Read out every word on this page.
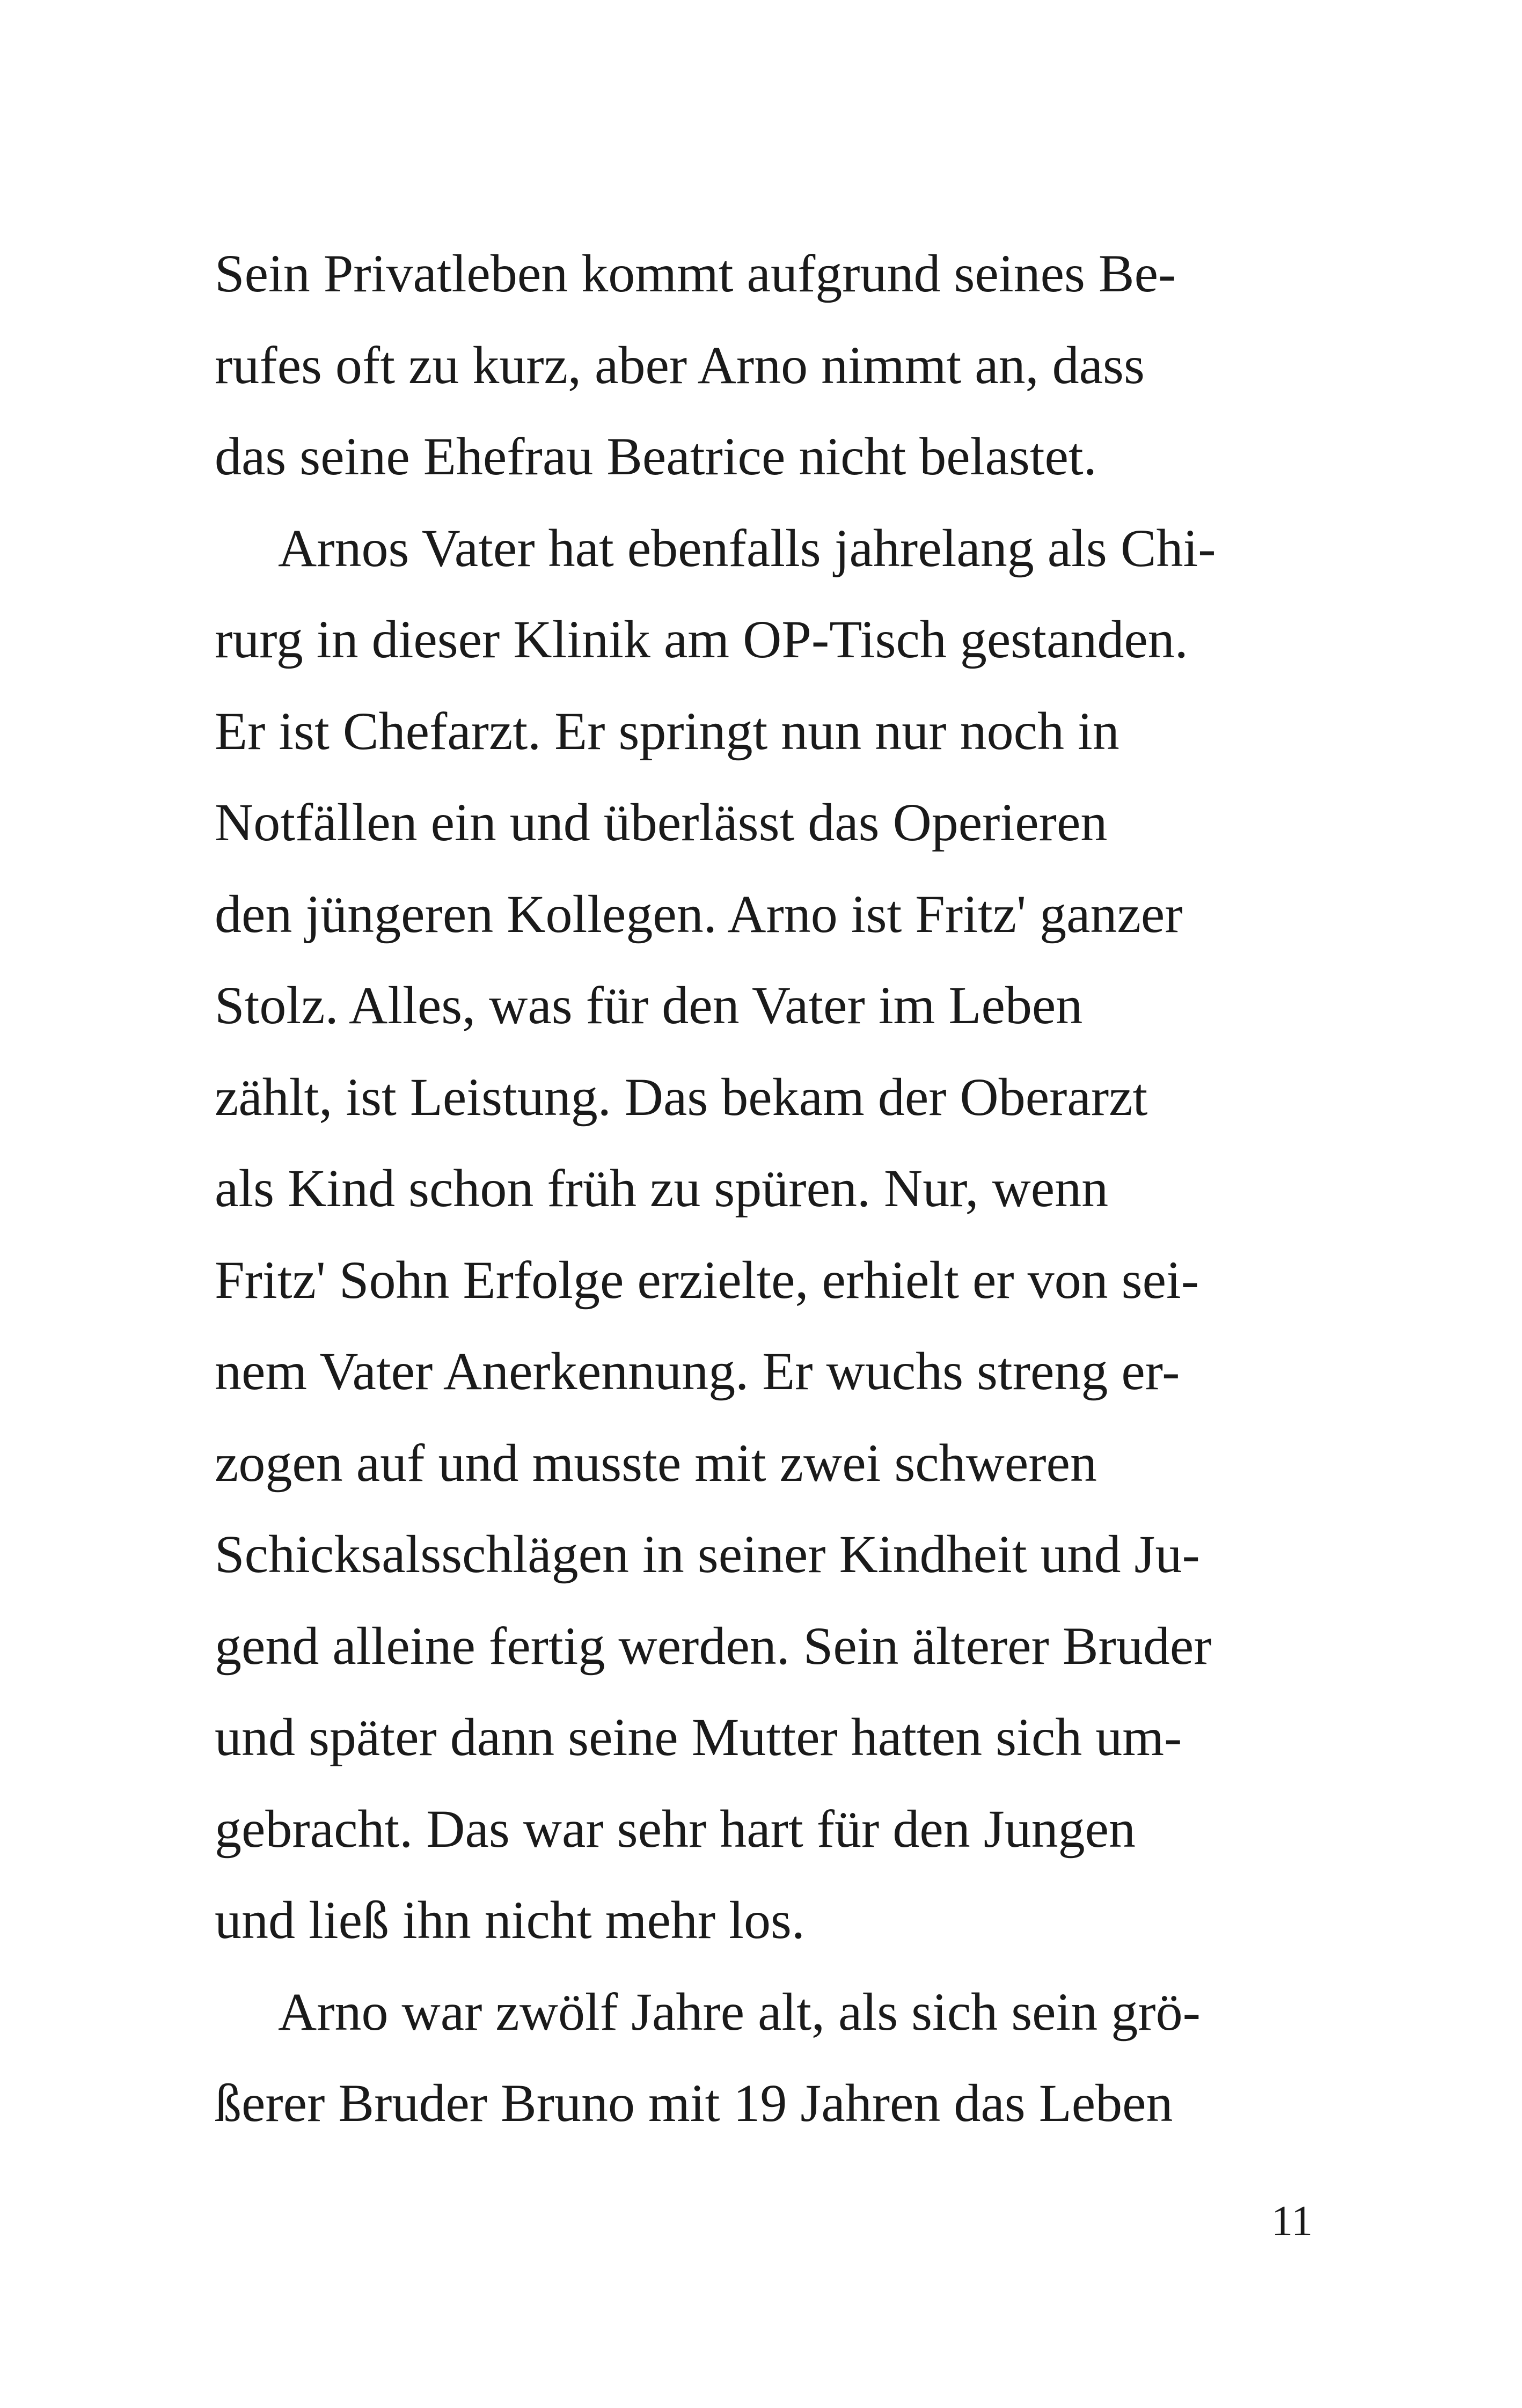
Sein Privatleben kommt aufgrund seines Be-
rufes oft zu kurz, aber Arno nimmt an, dass
das seine Ehefrau Beatrice nicht belastet.
Arnos Vater hat ebenfalls jahrelang als Chi-
rurg in dieser Klinik am OP-Tisch gestanden.
Er ist Chefarzt. Er springt nun nur noch in
Notfällen ein und überlässt das Operieren
den jüngeren Kollegen. Arno ist Fritz' ganzer
Stolz. Alles, was für den Vater im Leben
zählt, ist Leistung. Das bekam der Oberarzt
als Kind schon früh zu spüren. Nur, wenn
Fritz' Sohn Erfolge erzielte, erhielt er von sei-
nem Vater Anerkennung. Er wuchs streng er-
zogen auf und musste mit zwei schweren
Schicksalsschlägen in seiner Kindheit und Ju-
gend alleine fertig werden. Sein älterer Bruder
und später dann seine Mutter hatten sich um-
gebracht. Das war sehr hart für den Jungen
und ließ ihn nicht mehr los.
Arno war zwölf Jahre alt, als sich sein grö-
ßerer Bruder Bruno mit 19 Jahren das Leben
11
